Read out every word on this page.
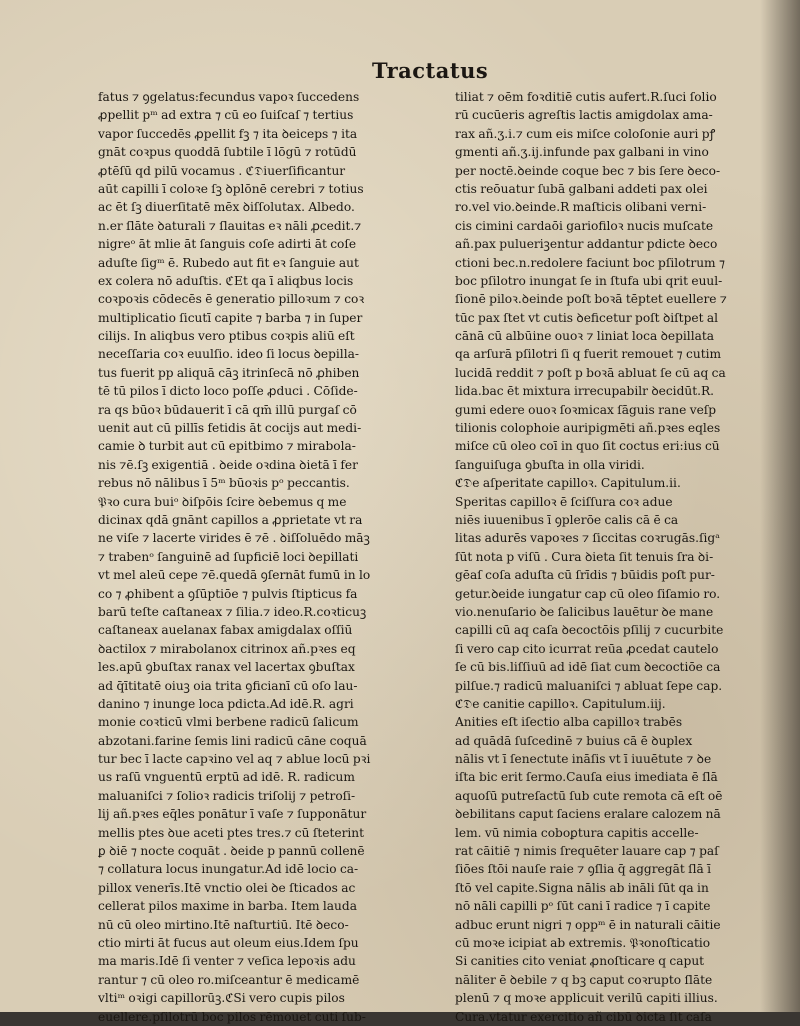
Tractatus
fatus ⁊ ꝯgelatus:fecundus vapoꝛ ſuccedens
ꝓpellit pᵐ ad extra ⁊ cū eo ſuiſcaſ ⁊ tertius
vapor ſuccedēs ꝓpellit fꝫ ⁊ ita ꝺeiceps ⁊ ita
gnāt coꝛpus quoddā ſubtile ī lōgū ⁊ rotūdū
ꝓtēſū qd pilū vocamus . ℭ𝔇iuerſificantur
aūt capilli ī coloꝛe ſꝫ ꝺplōnē cerebri ⁊ totius
ac ēt ſꝫ diuerſitatē mēx ꝺiſſolutax. Albedo.
n.er ſlāte ꝺaturali ⁊ ſlauitas eꝛ nāli ꝓcedit.⁊
nigreᵒ āt mlie āt ſanguis coſe adirti āt coſe
aduſte ſigᵐ ē. Rubedo aut fit eꝛ ſanguie aut
ex colera nō aduſtis. ℭEt qa ī aliqbus locis
coꝛpoꝛis cōdecēs ē generatio pilloꝛum ⁊ coꝛ
multiplicatio ſicutī capite ⁊ barba ⁊ in ſuper
cilijs. In aliqbus vero ptibus coꝛpis aliū eſt
neceſſaria coꝛ euulſio. ideo ſi locus ꝺepilla-
tus fuerit pp aliquā cāꝫ itrinſecā nō ꝓhiben
tē tū pilos ī dicto loco poſſe ꝓduci . Cōſide-
ra qs būoꝛ būdauerit ī cā qm̄ illū purgaſ cō
uenit aut cū pillīs fetidis āt cocijs aut medi-
camie ꝺ turbit aut cū epitbimo ⁊ mirabola-
nis ⁊ē.ſꝫ exigentiā . ꝺeide oꝛdina ꝺietā ī fer
rebus nō nālibus ī 5ᵐ būoꝛis pᵒ peccantis.
𝔓ꝛo cura buiᵒ ꝺiſpōis ſcire ꝺebemus q me
dicinax qdā gnānt capillos a ꝓprietate vt ra
ne viſe ⁊ lacerte virides ē ⁊ē . ꝺiſſoluēdo māꝫ
⁊ trabenᵒ ſanguinē ad ſupficiē loci ꝺepillati
vt mel aleū cepe ⁊ē.quedā ꝯſernāt fumū in lo
co ⁊ ꝓhibent a ꝯſūptiōe ⁊ pulvis ſtipticus fa
barū teſte caſtaneax ⁊ ſilia.⁊ ideo.R.coꝛticuꝫ
caſtaneax auelanax fabax amigdalax oſſiū
ꝺactilox ⁊ mirabolanox citrinox añ.pꝛes eq
les.apū ꝯbuſtax ranax vel lacertax ꝯbuſtax
ad q̄ītitatē oiuꝫ oia trita ꝯficianī cū oſo lau-
danino ⁊ inunge loca pdicta.Ad idē.R. agri
monie coꝛticū vlmi berbene radicū ſalicum
abzotani.farine ſemis lini radicū cāne coquā
tur bec ī lacte capꝛino vel aq ⁊ ablue locū pꝛi
us raſū vnguentū erptū ad idē. R. radicum
maluaniſci ⁊ ſolioꝛ radicis triſolij ⁊ petroſi-
lij añ.pꝛes eq̄les ponātur ī vaſe ⁊ ſupponātur
mellis ptes ꝺue aceti ptes tres.⁊ cū ſteterint
ꝑ ꝺiē ⁊ nocte coquāt . ꝺeide p pannū collenē
⁊ collatura locus inungatur.Ad idē locio ca-
pillox venerīs.Itē vnctio olei ꝺe ſticados ac
cellerat pilos maxime in barba. Item lauda
nū cū oleo mirtino.Itē naſturtiū. Itē ꝺeco-
ctio mirti āt fucus aut oleum eius.Idem ſpu
ma maris.Idē ſi venter ⁊ veſica lepoꝛis adu
rantur ⁊ cū oleo ro.miſceantur ē medicamē
vltiᵐ oꝛigi capillorūꝫ.ℭSi vero cupis pilos
euellere.pſilotrū boc pilos rēmouet cuti ſub-
tiliat ⁊ oēm foꝛditiē cutis aufert.R.ſuci ſolio
rū cucūeris agreſtis lactis amigdolax ama-
rax añ.ʒ.i.⁊ cum eis miſce coloſonie auri pꝭ
gmenti añ.ʒ.ij.infunde pax galbani in vino
per noctē.ꝺeinde coque bec ⁊ bis ſere ꝺeco-
ctis reōuatur ſubā galbani addeti pax olei
ro.vel vio.ꝺeinde.R maſticis olibani verni-
cis cimini cardaōi gariofiloꝛ nucis muſcate
añ.pax pulueriꝫentur addantur pdicte ꝺeco
ctioni bec.n.redolere faciunt boc pſilotrum ⁊
boc pſilotro inungat ſe in ſtufa ubi qrit euul-
ſionē piloꝛ.ꝺeinde poſt boꝛā tēptet euellere ⁊
tūc pax ſtet vt cutis ꝺeficetur poſt ꝺiſtpet al
cānā cū albūine ouoꝛ ⁊ liniat loca ꝺepillata
qa arſurā pſilotri ſi q fuerit remouet ⁊ cutim
lucidā reddit ⁊ poſt p boꝛā abluat ſe cū aq ca
lida.bac ēt mixtura irrecupabilr ꝺecidūt.R.
gumi edere ouoꝛ ſoꝛmicax ſāguis rane veſp
tilionis colophoie auripigmēti añ.pꝛes eqles
miſce cū oleo coī in quo ſit coctus eri:ius cū
ſanguiſuga ꝯbuſta in olla viridi.
ℭ𝔇e aſperitate capilloꝛ. Capitulum.ii.
Speritas capilloꝛ ē ſciſſura coꝛ adue
niēs iuuenibus ī ꝯplerōe calis cā ē ca
litas adurēs vapoꝛes ⁊ ſiccitas coꝛrugās.ſigᵃ
ſūt nota p viſū . Cura ꝺieta ſit tenuis ſra ꝺi-
gēaſ coſa aduſta cū ſrīdis ⁊ būidis poſt pur-
getur.ꝺeide iungatur cap cū oleo ſiſamio ro.
vio.nenuſario ꝺe ſalicibus lauētur ꝺe mane
capilli cū aq caſa ꝺecoctōis pſilij ⁊ cucurbite
ſi vero cap cito icurrat reūa ꝓcedat cautelo
ſe cū bis.liſſiuū ad idē ſiat cum ꝺecoctiōe ca
pilſue.⁊ radicū maluaniſci ⁊ abluat ſepe cap.
ℭ𝔇e canitie capilloꝛ. Capitulum.iij.
Anities eſt iſectio alba capilloꝛ trabēs
ad quādā ſuſcedinē ⁊ buius cā ē ꝺuplex
nālis vt ī ſenectute ināſis vt ī iuuētute ⁊ ꝺe
iſta bic erit ſermo.Cauſa eius imediata ē ſlā
aquoſū putreſactū ſub cute remota cā eſt oē
ꝺebilitans caput ſaciens eralare calozem nā
lem. vū nimia coboꝑtura capitis accelle-
rat cāitiē ⁊ nimis ſrequēter lauare cap ⁊ paſ
ſiōes ſtōi nauſe raie ⁊ ꝯſlia q̄ aggregāt ſlā ī
ſtō vel capite.Signa nālis ab ināli ſūt qa in
nō nāli capilli pᵒ ſūt cani ī radice ⁊ ī capite
adbuc erunt nigri ⁊ oppᵐ ē in naturali cāitie
cū moꝛe icipiat ab extremis. 𝔓ꝛonoſticatio
Si canities cito veniat ꝓnoſticare q caput
nāliter ē ꝺebile ⁊ q bꝫ caput coꝛrupto ſlāte
plenū ⁊ q moꝛe applicuit verilū capiti illius.
Cura.vtatur exercitio añ cibū ꝺicta ſit caſa
